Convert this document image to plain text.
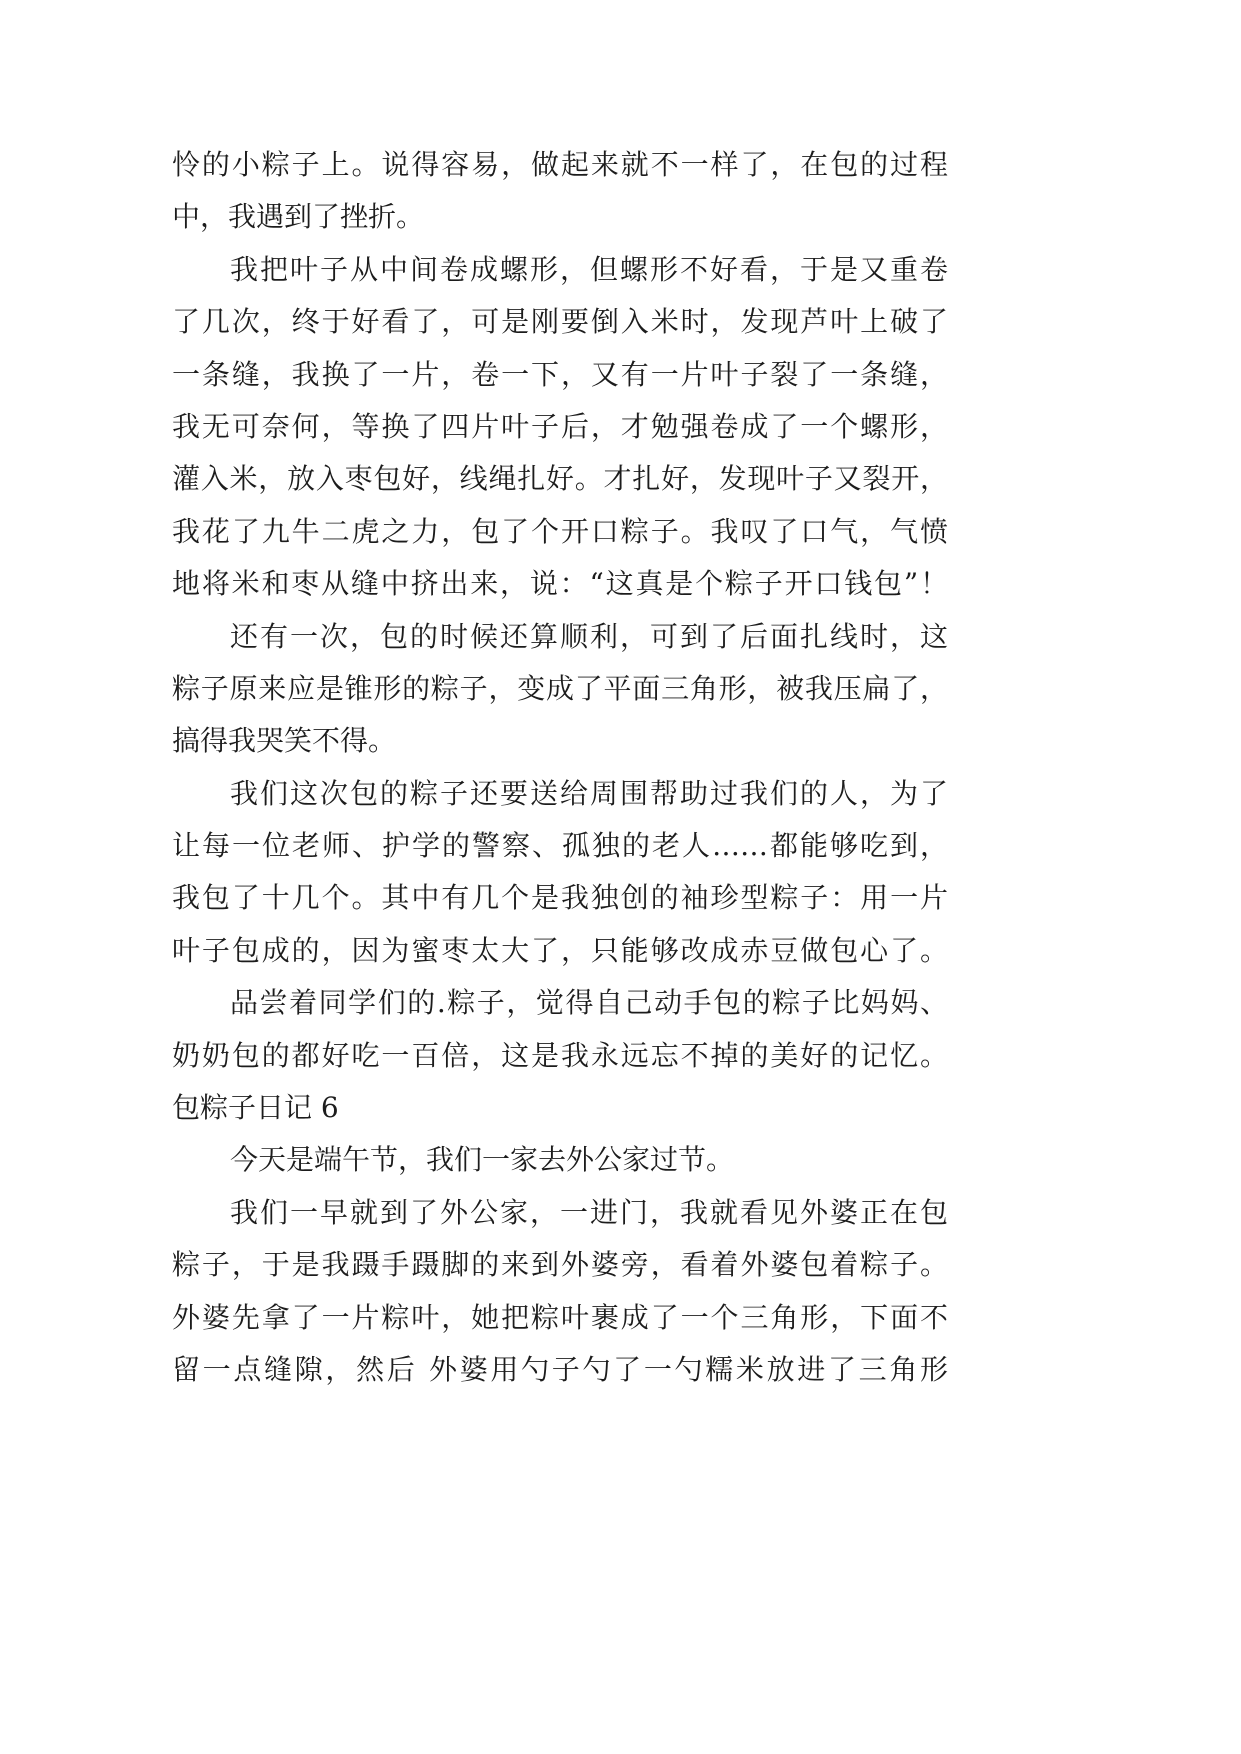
怜的小粽子上。说得容易，做起来就不一样了，在包的过程
中，我遇到了挫折。
我把叶子从中间卷成螺形，但螺形不好看，于是又重卷
了几次，终于好看了，可是刚要倒入米时，发现芦叶上破了
一条缝，我换了一片，卷一下，又有一片叶子裂了一条缝，
我无可奈何，等换了四片叶子后，才勉强卷成了一个螺形，
灌入米，放入枣包好，线绳扎好。才扎好，发现叶子又裂开，
我花了九牛二虎之力，包了个开口粽子。我叹了口气，气愤
地将米和枣从缝中挤出来，说：“这真是个粽子开口钱包”！
还有一次，包的时候还算顺利，可到了后面扎线时，这
粽子原来应是锥形的粽子，变成了平面三角形，被我压扁了，
搞得我哭笑不得。
我们这次包的粽子还要送给周围帮助过我们的人，为了
让每一位老师、护学的警察、孤独的老人……都能够吃到，
我包了十几个。其中有几个是我独创的袖珍型粽子：用一片
叶子包成的，因为蜜枣太大了，只能够改成赤豆做包心了。
品尝着同学们的.粽子，觉得自己动手包的粽子比妈妈、
奶奶包的都好吃一百倍，这是我永远忘不掉的美好的记忆。
包粽子日记 6
今天是端午节，我们一家去外公家过节。
我们一早就到了外公家，一进门，我就看见外婆正在包
粽子，于是我蹑手蹑脚的来到外婆旁，看着外婆包着粽子。
外婆先拿了一片粽叶，她把粽叶裹成了一个三角形，下面不
留一点缝隙，然后 外婆用勺子勺了一勺糯米放进了三角形
